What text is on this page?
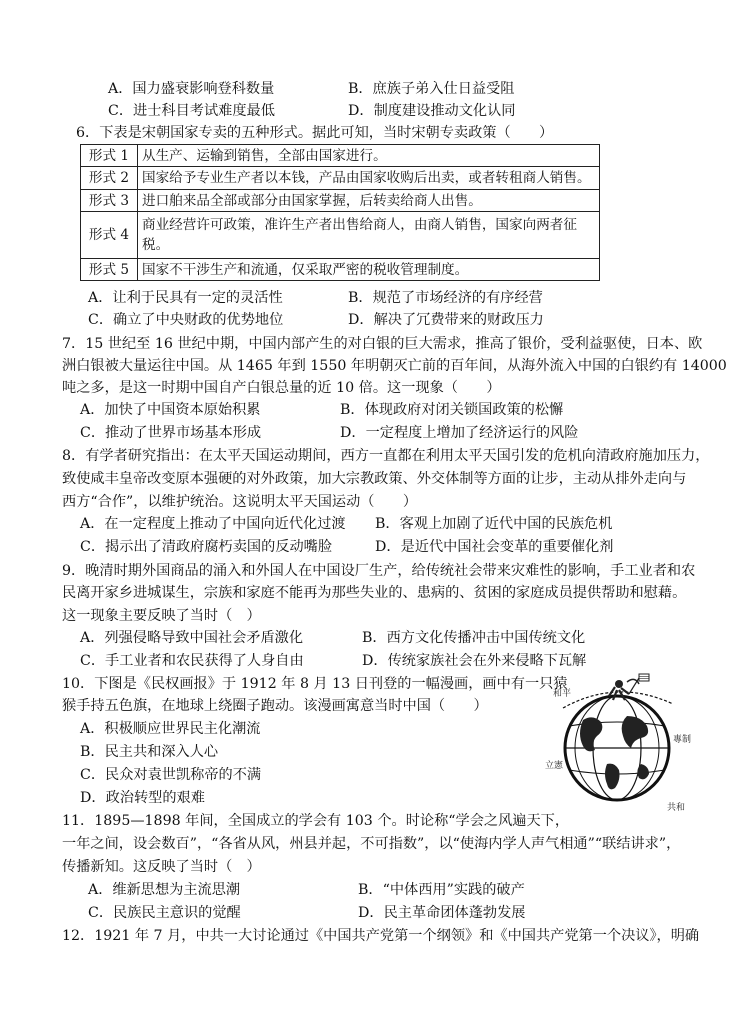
A．国力盛衰影响登科数量	B．庶族子弟入仕日益受阻
C．进士科目考试难度最低	D．制度建设推动文化认同
6．下表是宋朝国家专卖的五种形式。据此可知，当时宋朝专卖政策（　　）
形式 1	从生产、运输到销售，全部由国家进行。
形式 2	国家给予专业生产者以本钱，产品由国家收购后出卖，或者转租商人销售。
形式 3	进口舶来品全部或部分由国家掌握，后转卖给商人出售。
形式 4	商业经营许可政策，准许生产者出售给商人，由商人销售，国家向两者征
税。

形式 5	国家不干涉生产和流通，仅采取严密的税收管理制度。
A．让利于民具有一定的灵活性	B．规范了市场经济的有序经营
C．确立了中央财政的优势地位	D．解决了冗费带来的财政压力
7．15 世纪至 16 世纪中期，中国内部产生的对白银的巨大需求，推高了银价，受利益驱使，日本、欧
洲白银被大量运往中国。从 1465 年到 1550 年明朝灭亡前的百年间，从海外流入中国的白银约有 14000
吨之多，是这一时期中国自产白银总量的近 10 倍。这一现象（　　）
A．加快了中国资本原始积累	B．体现政府对闭关锁国政策的松懈
C．推动了世界市场基本形成	D．一定程度上增加了经济运行的风险
8．有学者研究指出：在太平天国运动期间，西方一直都在利用太平天国引发的危机向清政府施加压力，
致使咸丰皇帝改变原本强硬的对外政策，加大宗教政策、外交体制等方面的让步，主动从排外走向与
西方“合作”，以维护统治。这说明太平天国运动（　　）
A．在一定程度上推动了中国向近代化过渡 B．客观上加剧了近代中国的民族危机
C．揭示出了清政府腐朽卖国的反动嘴脸	D．是近代中国社会变革的重要催化剂
9．晚清时期外国商品的涌入和外国人在中国设厂生产，给传统社会带来灾难性的影响，手工业者和农
民离开家乡进城谋生，宗族和家庭不能再为那些失业的、患病的、贫困的家庭成员提供帮助和慰藉。
这一现象主要反映了当时（　）
A．列强侵略导致中国社会矛盾激化	B．西方文化传播冲击中国传统文化
C．手工业者和农民获得了人身自由	D．传统家族社会在外来侵略下瓦解
10．下图是《民权画报》于 1912 年 8 月 13 日刊登的一幅漫画，画中有一只猿
猴手持五色旗，在地球上绕圈子跑动。该漫画寓意当时中国（　　）
A．积极顺应世界民主化潮流
B．民主共和深入人心
C．民众对袁世凯称帝的不满
D．政治转型的艰难
和平
立憲
專制
共和
11．1895—1898 年间，全国成立的学会有 103 个。时论称“学会之风遍天下，
一年之间，设会数百”，“各省从风，州县并起，不可指数”，以“使海内学人声气相通”“联结讲求”，
传播新知。这反映了当时（　）
A．维新思想为主流思潮	B．“中体西用”实践的破产
C．民族民主意识的觉醒	D．民主革命团体蓬勃发展
12．1921 年 7 月，中共一大讨论通过《中国共产党第一个纲领》和《中国共产党第一个决议》，明确
